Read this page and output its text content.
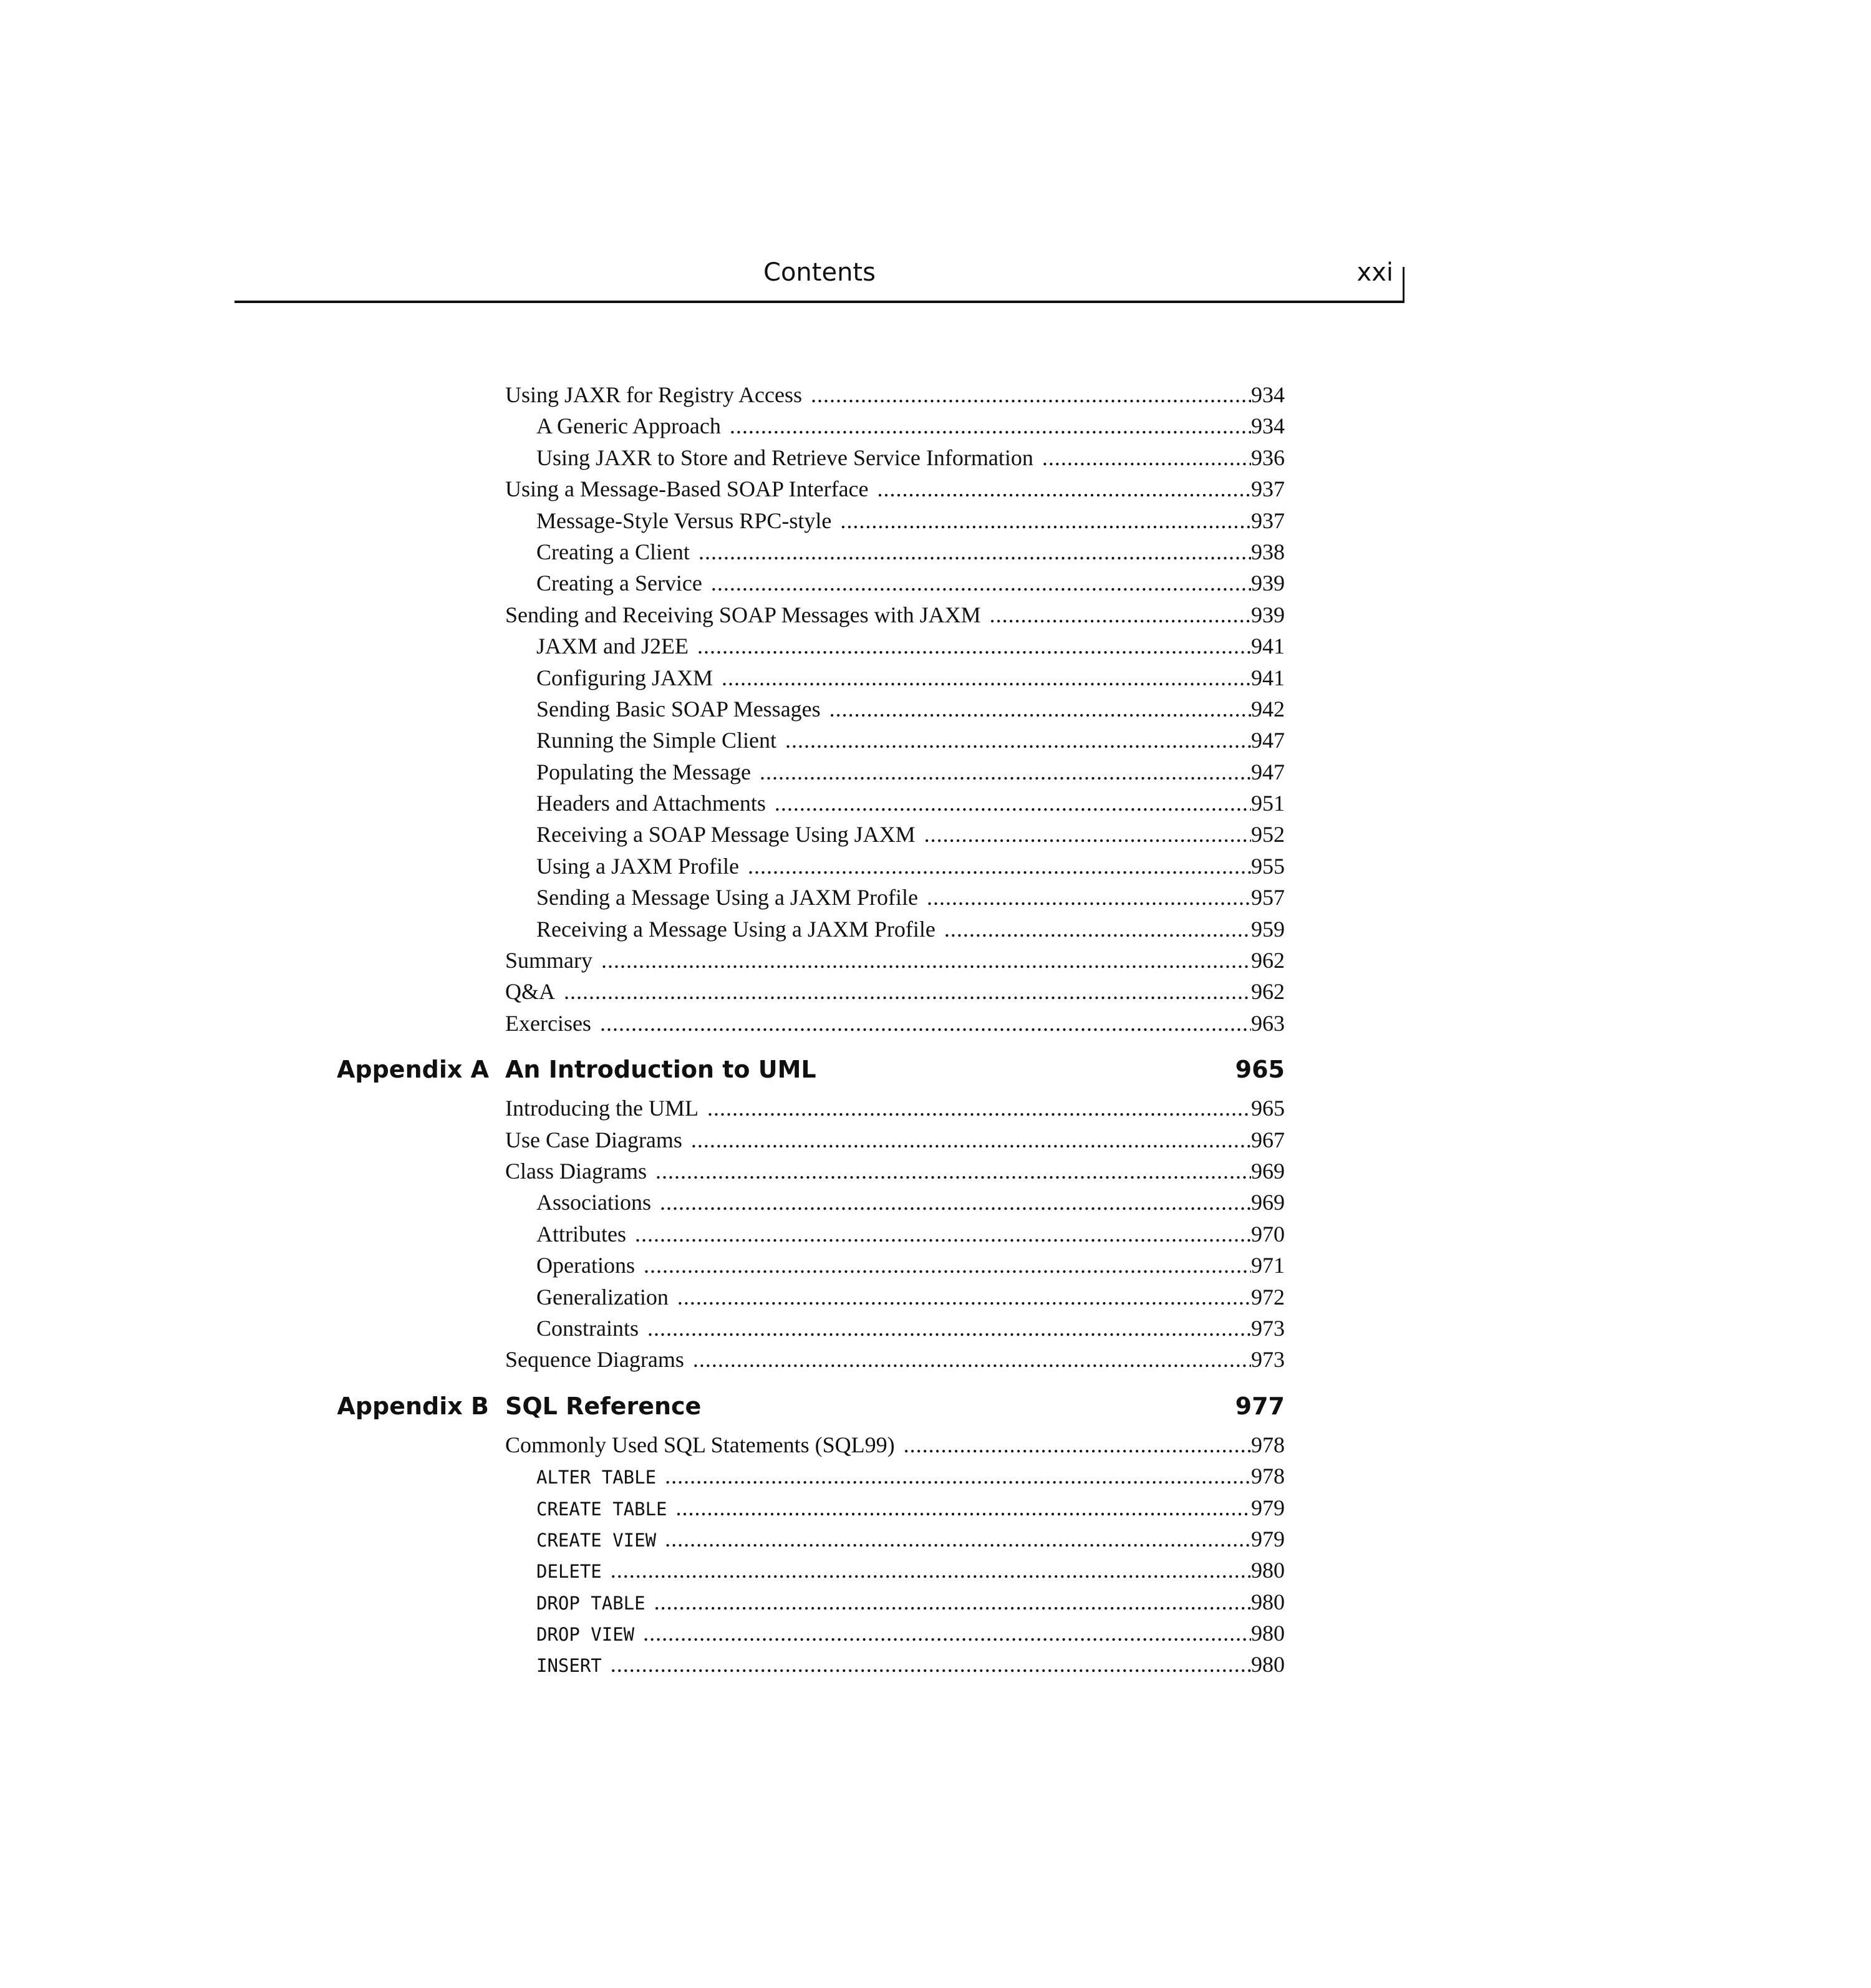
Contents	xxi
Using JAXR for Registry Access .....	934
A Generic Approach .....	934
Using JAXR to Store and Retrieve Service Information .....	936
Using a Message-Based SOAP Interface .....	937
Message-Style Versus RPC-style .....	937
Creating a Client .....	938
Creating a Service .....	939
Sending and Receiving SOAP Messages with JAXM .....	939
JAXM and J2EE .....	941
Configuring JAXM .....	941
Sending Basic SOAP Messages .....	942
Running the Simple Client .....	947
Populating the Message .....	947
Headers and Attachments .....	951
Receiving a SOAP Message Using JAXM .....	952
Using a JAXM Profile .....	955
Sending a Message Using a JAXM Profile .....	957
Receiving a Message Using a JAXM Profile .....	959
Summary .....	962
Q&A .....	962
Exercises .....	963
Appendix A An Introduction to UML	965
Introducing the UML .....	965
Use Case Diagrams .....	967
Class Diagrams .....	969
Associations .....	969
Attributes .....	970
Operations .....	971
Generalization .....	972
Constraints .....	973
Sequence Diagrams .....	973
Appendix B SQL Reference	977
Commonly Used SQL Statements (SQL99) .....	978
ALTER TABLE .....	978
CREATE TABLE .....	979
CREATE VIEW .....	979
DELETE .....	980
DROP TABLE .....	980
DROP VIEW .....	980
INSERT .....	980
